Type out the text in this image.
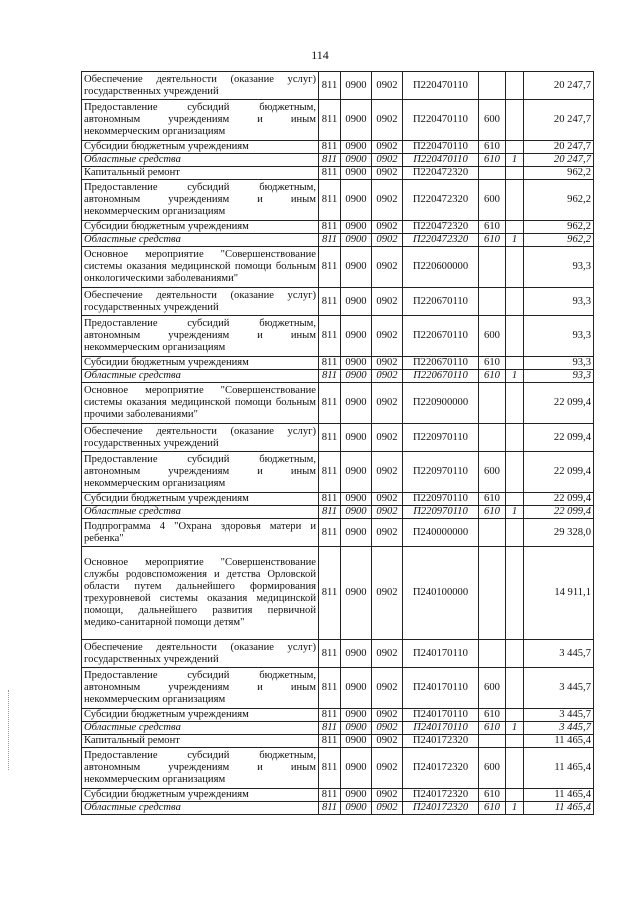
114
Обеспечение деятельности (оказание услуг) государственных учреждений	811	0900	0902	П220470110			20 247,7
Предоставление субсидий бюджетным, автономным учреждениям и иным некоммерческим организациям	811	0900	0902	П220470110	600		20 247,7
Субсидии бюджетным учреждениям	811	0900	0902	П220470110	610		20 247,7
Областные средства	811	0900	0902	П220470110	610	1	20 247,7
Капитальный ремонт	811	0900	0902	П220472320			962,2
Предоставление субсидий бюджетным, автономным учреждениям и иным некоммерческим организациям	811	0900	0902	П220472320	600		962,2
Субсидии бюджетным учреждениям	811	0900	0902	П220472320	610		962,2
Областные средства	811	0900	0902	П220472320	610	1	962,2
Основное мероприятие "Совершенствование системы оказания медицинской помощи больным онкологическими заболеваниями"	811	0900	0902	П220600000			93,3
Обеспечение деятельности (оказание услуг) государственных учреждений	811	0900	0902	П220670110			93,3
Предоставление субсидий бюджетным, автономным учреждениям и иным некоммерческим организациям	811	0900	0902	П220670110	600		93,3
Субсидии бюджетным учреждениям	811	0900	0902	П220670110	610		93,3
Областные средства	811	0900	0902	П220670110	610	1	93,3
Основное мероприятие "Совершенствование системы оказания медицинской помощи больным прочими заболеваниями"	811	0900	0902	П220900000			22 099,4
Обеспечение деятельности (оказание услуг) государственных учреждений	811	0900	0902	П220970110			22 099,4
Предоставление субсидий бюджетным, автономным учреждениям и иным некоммерческим организациям	811	0900	0902	П220970110	600		22 099,4
Субсидии бюджетным учреждениям	811	0900	0902	П220970110	610		22 099,4
Областные средства	811	0900	0902	П220970110	610	1	22 099,4
Подпрограмма 4 "Охрана здоровья матери и ребенка"	811	0900	0902	П240000000			29 328,0
Основное мероприятие "Совершенствование службы родовспоможения и детства Орловской области путем дальнейшего формирования трехуровневой системы оказания медицинской помощи, дальнейшего развития первичной медико-санитарной помощи детям"	811	0900	0902	П240100000			14 911,1
Обеспечение деятельности (оказание услуг) государственных учреждений	811	0900	0902	П240170110			3 445,7
Предоставление субсидий бюджетным, автономным учреждениям и иным некоммерческим организациям	811	0900	0902	П240170110	600		3 445,7
Субсидии бюджетным учреждениям	811	0900	0902	П240170110	610		3 445,7
Областные средства	811	0900	0902	П240170110	610	1	3 445,7
Капитальный ремонт	811	0900	0902	П240172320			11 465,4
Предоставление субсидий бюджетным, автономным учреждениям и иным некоммерческим организациям	811	0900	0902	П240172320	600		11 465,4
Субсидии бюджетным учреждениям	811	0900	0902	П240172320	610		11 465,4
Областные средства	811	0900	0902	П240172320	610	1	11 465,4
